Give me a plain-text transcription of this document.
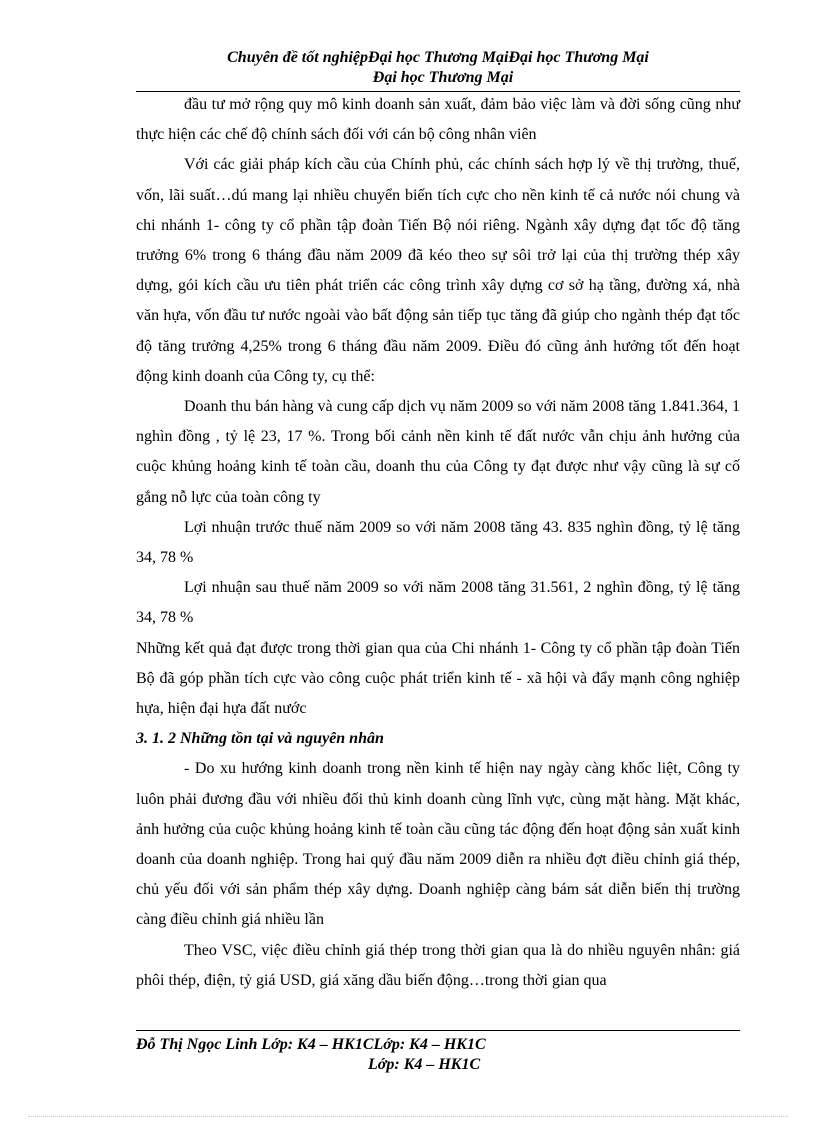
Chuyên đề tốt nghiệpĐại học Thương MạiĐại học Thương Mại
Đại học Thương Mại

đầu tư mở rộng quy mô kinh doanh sản xuất, đảm bảo việc làm và đời sống cũng như thực hiện các chế độ chính sách đối với cán bộ công nhân viên

Với các giải pháp kích cầu của Chính phủ, các chính sách hợp lý về thị trường, thuế, vốn, lãi suất…dú mang lại nhiều chuyển biến tích cực cho nền kinh tế cả nước nói chung và chi nhánh 1- công ty cổ phần tập đoàn Tiến Bộ nói riêng. Ngành xây dựng đạt tốc độ tăng trưởng 6% trong 6 tháng đầu năm 2009 đã kéo theo sự sôi trở lại của thị trường thép xây dựng, gói kích cầu ưu tiên phát triển các công trình xây dựng cơ sở hạ tầng, đường xá, nhà văn hựa, vốn đầu tư nước ngoài vào bất động sản tiếp tục tăng đã giúp cho ngành thép đạt tốc độ tăng trưởng 4,25% trong 6 tháng đầu năm 2009. Điều đó cũng ảnh hưởng tốt đến hoạt động kinh doanh của Công ty, cụ thể:

Doanh thu bán hàng và cung cấp dịch vụ năm 2009 so với năm 2008 tăng 1.841.364, 1 nghìn đồng , tỷ lệ 23, 17 %. Trong bối cảnh nền kinh tế đất nước vẫn chịu ảnh hưởng của cuộc khủng hoảng kinh tế toàn cầu, doanh thu của Công ty đạt được như vậy cũng là sự cố gắng nỗ lực của toàn công ty

Lợi nhuận trước thuế năm 2009 so với năm 2008 tăng 43. 835 nghìn đồng, tỷ lệ tăng 34, 78 %

Lợi nhuận sau thuế năm 2009 so với năm 2008 tăng 31.561, 2 nghìn đồng, tỷ lệ tăng 34, 78 %

Những kết quả đạt được trong thời gian qua của Chi nhánh 1- Công ty cổ phần tập đoàn Tiến Bộ đã góp phần tích cực vào công cuộc phát triển kinh tế - xã hội và đẩy mạnh công nghiệp hựa, hiện đại hựa đất nước

3. 1. 2 Những tồn tại và nguyên nhân

- Do xu hướng kinh doanh trong nền kinh tế hiện nay ngày càng khốc liệt, Công ty luôn phải đương đầu với nhiều đối thủ kinh doanh cùng lĩnh vực, cùng mặt hàng. Mặt khác, ảnh hưởng của cuộc khủng hoảng kinh tế toàn cầu cũng tác động đến hoạt động sản xuất kinh doanh của doanh nghiệp. Trong hai quý đầu năm 2009 diễn ra nhiều đợt điều chỉnh giá thép, chủ yếu đối với sản phẩm thép xây dựng. Doanh nghiệp càng bám sát diễn biến thị trường càng điều chỉnh giá nhiều lần

Theo VSC, việc điều chỉnh giá thép trong thời gian qua là do nhiều nguyên nhân: giá phôi thép, điện, tỷ giá USD, giá xăng dầu biến động…trong thời gian qua

Đỗ Thị Ngọc Linh Lớp: K4 – HK1CLớp: K4 – HK1C
Lớp: K4 – HK1C
